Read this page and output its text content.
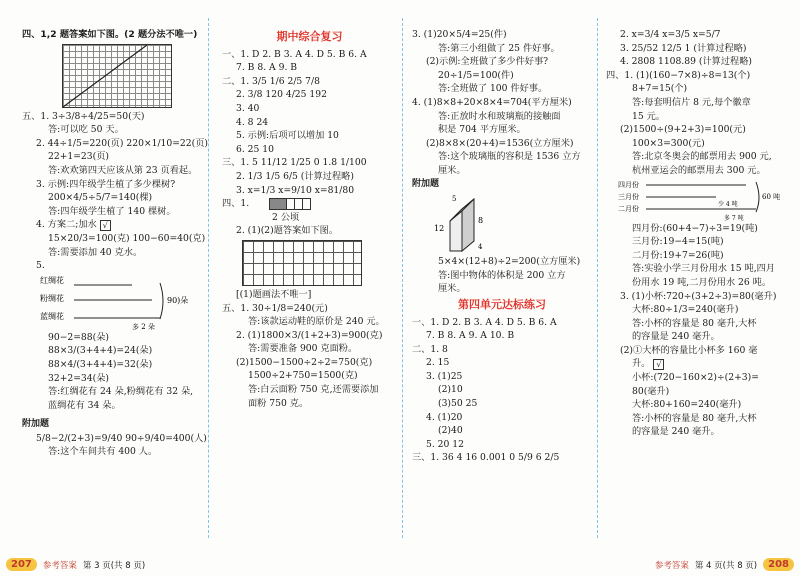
四、1,2 题答案如下图。(2 题分法不唯一)
五、1. 3÷3/8÷4/25=50(天)
答:可以吃 50 天。
2. 44÷1/5=220(页) 220×1/10=22(页)
22+1=23(页)
答:欢欢第四天应该从第 23 页看起。
3. 示例:四年级学生植了多少棵树?
200×4/5÷5/7=140(棵)
答:四年级学生植了 140 棵树。
4. 方案二;加水 √
15×20/3=100(克) 100−60=40(克)
答:需要添加 40 克水。
5.
红绸花
粉绸花
蓝绸花
90)朵
多 2 朵
90−2=88(朵)
88×3/(3+4+4)=24(朵)
88×4/(3+4+4)=32(朵)
32+2=34(朵)
答:红绸花有 24 朵,粉绸花有 32 朵,
蓝绸花有 34 朵。
附加题
5/8−2/(2+3)=9/40 90÷9/40=400(人)
答:这个车间共有 400 人。
期中综合复习
一、1. D 2. B 3. A 4. D 5. B 6. A
7. B 8. A 9. B
二、1. 3/5 1/6 2/5 7/8
2. 3/8 120 4/25 192
3. 40
4. 8 24
5. 示例:后项可以增加 10
6. 25 10
三、1. 5 11/12 1/25 0 1.8 1/100
2. 1/3 1/5 6/5 (计算过程略)
3. x=1/3 x=9/10 x=81/80
四、1.
2 公顷
2. (1)(2)题答案如下图。
[(1)题画法不唯一]
五、1. 30÷1/8=240(元)
答:该款运动鞋的原价是 240 元。
2. (1)1800×3/(1+2+3)=900(克)
答:需要准备 900 克面粉。
(2)1500−1500÷2÷2=750(克)
1500÷2+750=1500(克)
答:白云面粉 750 克,还需要添加
面粉 750 克。
3. (1)20×5/4=25(件)
答:第三小组做了 25 件好事。
(2)示例:全班做了多少件好事?
20÷1/5=100(件)
答:全班做了 100 件好事。
4. (1)8×8+20×8×4=704(平方厘米)
答:正放时水和玻璃瓶的接触面
积是 704 平方厘米。
(2)8×8×(20+4)=1536(立方厘米)
答:这个玻璃瓶的容积是 1536 立方
厘米。
附加题
12
8
5
4
5×4×(12+8)÷2=200(立方厘米)
答:图中物体的体积是 200 立方
厘米。
第四单元达标练习
一、1. D 2. B 3. A 4. D 5. B 6. A
7. B 8. A 9. A 10. B
二、1. 8
2. 15
3. (1)25
(2)10
(3)50 25
4. (1)20
(2)40
5. 20 12
三、1. 36 4 16 0.001 0 5/9 6 2/5
2. x=3/4 x=3/5 x=5/7
3. 25/52 12/5 1 (计算过程略)
4. 2808 1108.89 (计算过程略)
四、1. (1)(160−7×8)÷8=13(个)
8+7=15(个)
答:每套明信片 8 元,每个徽章
15 元。
(2)1500÷(9+2+3)=100(元)
100×3=300(元)
答:北京冬奥会的邮票用去 900 元,
杭州亚运会的邮票用去 300 元。
四月份
三月份
二月份
60 吨
少 4 吨
多 7 吨
四月份:(60+4−7)÷3=19(吨)
三月份:19−4=15(吨)
二月份:19+7=26(吨)
答:实验小学三月份用水 15 吨,四月
份用水 19 吨,二月份用水 26 吨。
3. (1)小杯:720÷(3+2÷3)=80(毫升)
大杯:80÷1/3=240(毫升)
答:小杯的容量是 80 毫升,大杯
的容量是 240 毫升。
(2)①大杯的容量比小杯多 160 毫
升。 √
小杯:(720−160×2)÷(2+3)=
80(毫升)
大杯:80+160=240(毫升)
答:小杯的容量是 80 毫升,大杯
的容量是 240 毫升。
207	参考答案 第 3 页(共 8 页)	参考答案 第 4 页(共 8 页)	208
